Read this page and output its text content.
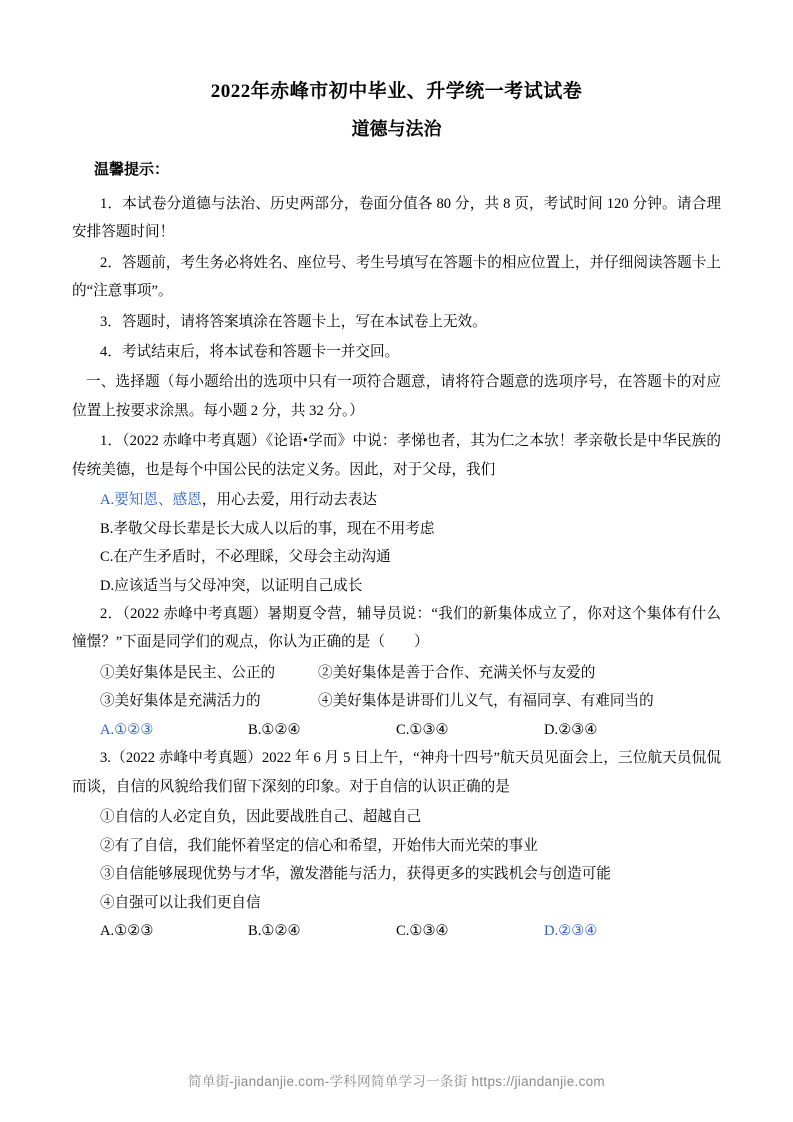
2022年赤峰市初中毕业、升学统一考试试卷
道德与法治
温馨提示：

1．本试卷分道德与法治、历史两部分，卷面分值各 80 分，共 8 页，考试时间 120 分钟。请合理安排答题时间！

2．答题前，考生务必将姓名、座位号、考生号填写在答题卡的相应位置上，并仔细阅读答题卡上的“注意事项”。

3．答题时，请将答案填涂在答题卡上，写在本试卷上无效。

4．考试结束后，将本试卷和答题卡一并交回。

一、选择题（每小题给出的选项中只有一项符合题意，请将符合题意的选项序号，在答题卡的对应位置上按要求涂黑。每小题 2 分，共 32 分。）

1．（2022 赤峰中考真题）《论语•学而》中说：孝悌也者，其为仁之本欤！孝亲敬长是中华民族的传统美德，也是每个中国公民的法定义务。因此，对于父母，我们

A.要知恩、感恩，用心去爱，用行动去表达

B.孝敬父母长辈是长大成人以后的事，现在不用考虑

C.在产生矛盾时，不必理睬，父母会主动沟通

D.应该适当与父母冲突，以证明自己成长

2．（2022 赤峰中考真题）暑期夏令营，辅导员说：“我们的新集体成立了，你对这个集体有什么憧憬？”下面是同学们的观点，你认为正确的是（　　）

①美好集体是民主、公正的	②美好集体是善于合作、充满关怀与友爱的
③美好集体是充满活力的	④美好集体是讲哥们儿义气，有福同享、有难同当的
A.①②③	B.①②④	C.①③④	D.②③④

3.（2022 赤峰中考真题）2022 年 6 月 5 日上午，“神舟十四号”航天员见面会上，三位航天员侃侃而谈，自信的风貌给我们留下深刻的印象。对于自信的认识正确的是

①自信的人必定自负，因此要战胜自己、超越自己

②有了自信，我们能怀着坚定的信心和希望，开始伟大而光荣的事业

③自信能够展现优势与才华，激发潜能与活力，获得更多的实践机会与创造可能

④自强可以让我们更自信

A.①②③	B.①②④	C.①③④	D.②③④
简单街-jiandanjie.com-学科网简单学习一条街 https://jiandanjie.com
